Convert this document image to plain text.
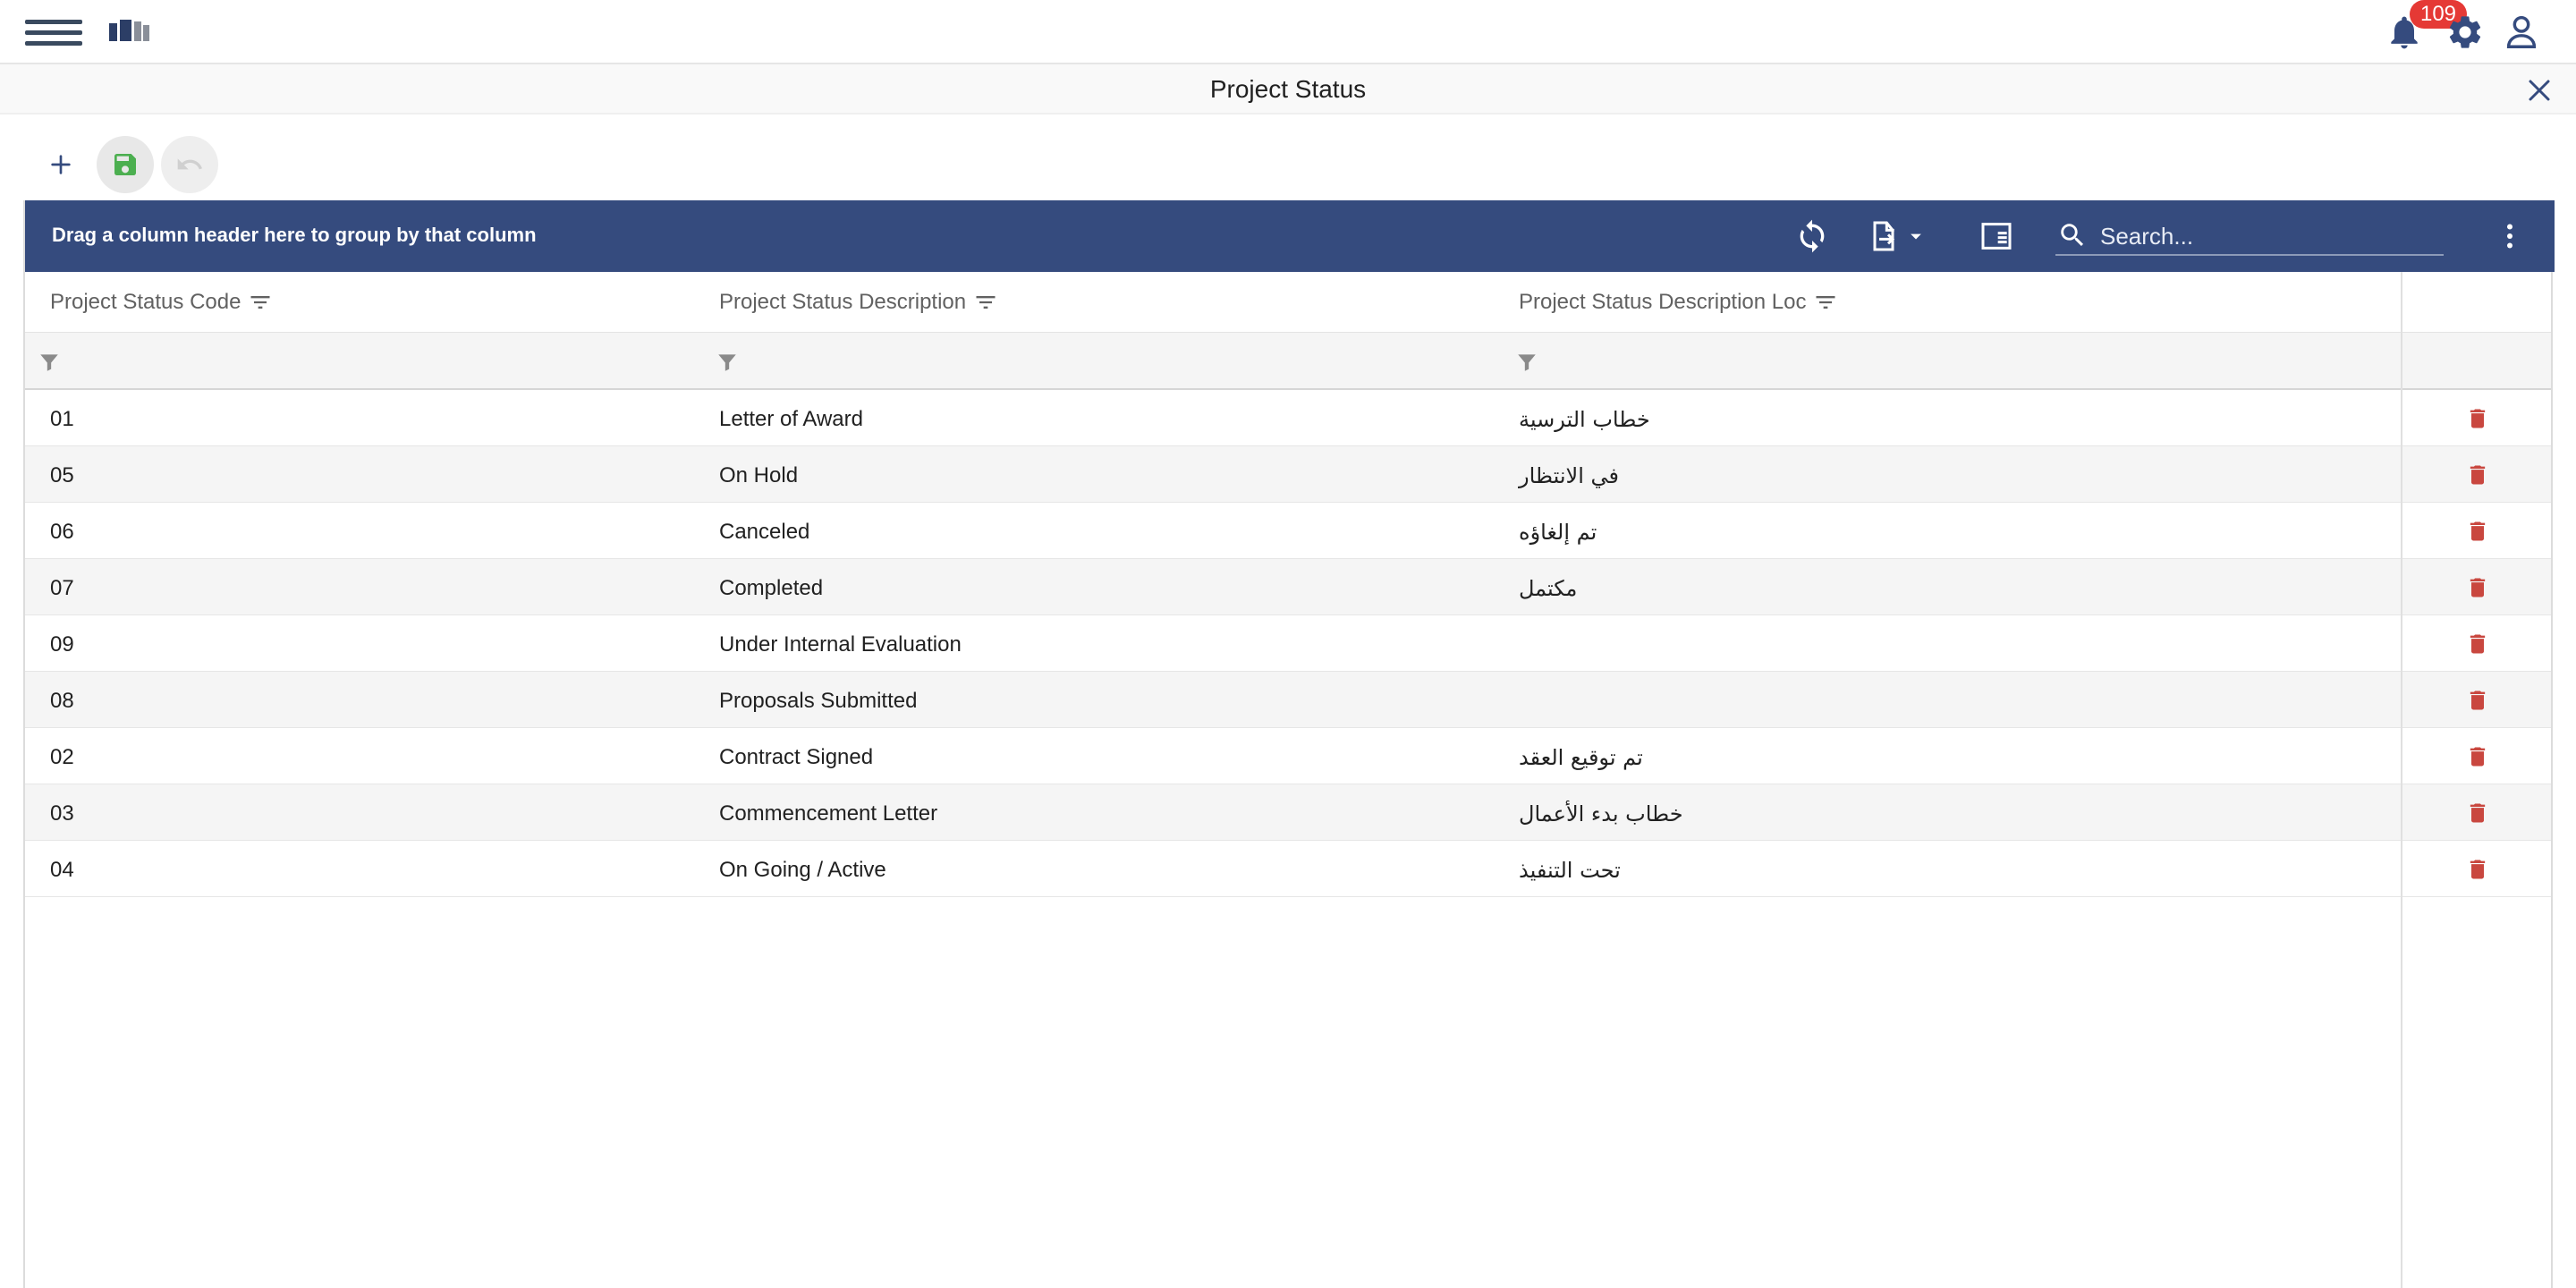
109
Project Status
Drag a column header here to group by that column
Search...
Project Status Code	Project Status Description	Project Status Description Loc
01	Letter of Award	خطاب الترسية
05	On Hold	في الانتظار
06	Canceled	تم إلغاؤه
07	Completed	مكتمل
09	Under Internal Evaluation
08	Proposals Submitted
02	Contract Signed	تم توقيع العقد
03	Commencement Letter	خطاب بدء الأعمال
04	On Going / Active	تحت التنفيذ
